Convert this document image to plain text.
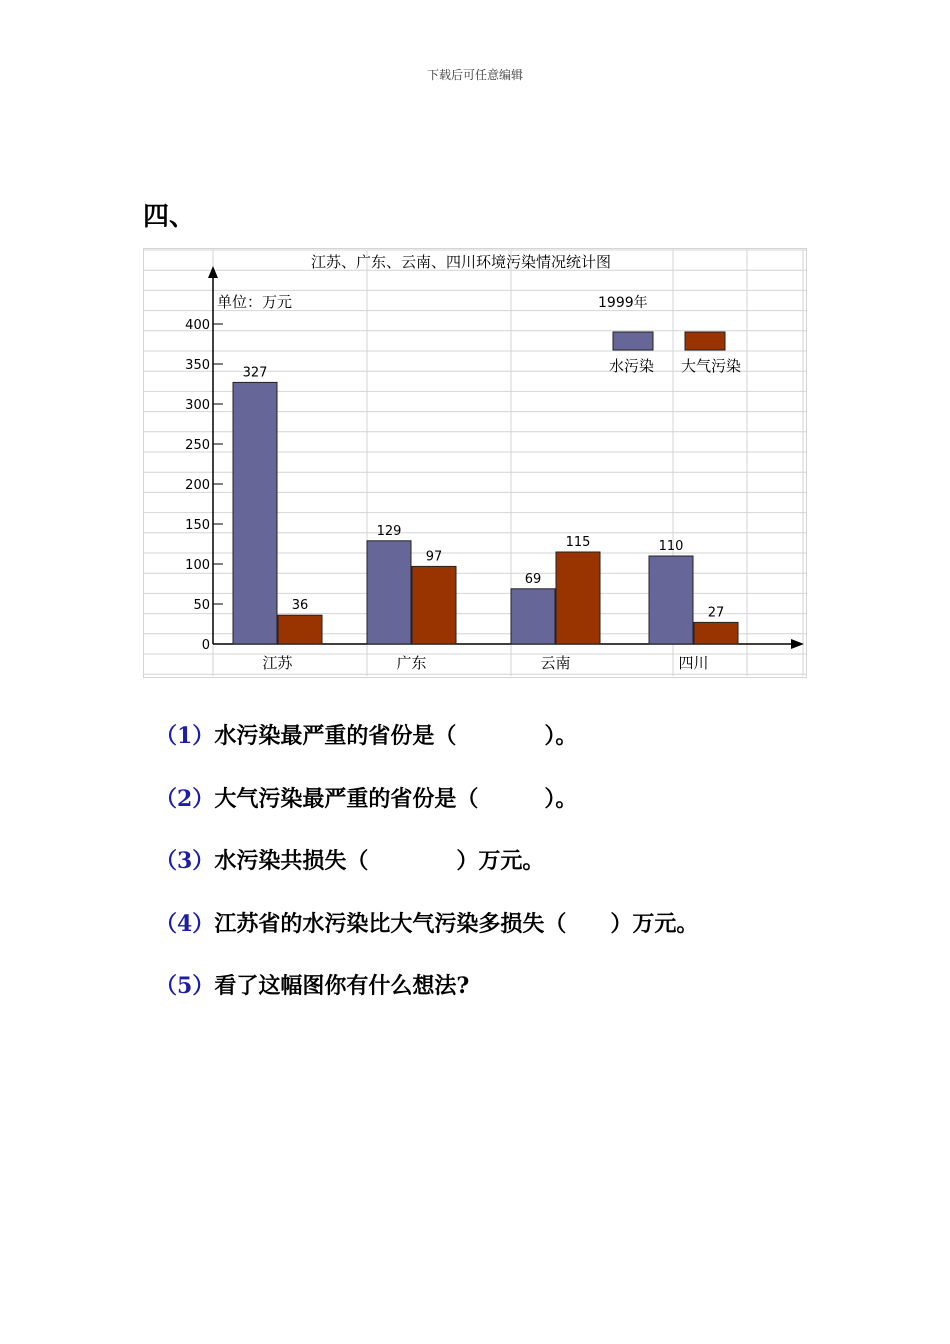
下载后可任意编辑
四、
江苏、广东、云南、四川环境污染情况统计图
单位：万元	1999年
0
50
100
150
200
250
300
350
400
327
36
江苏
129
97
广东
69
115
云南
110
27
四川
水污染 大气污染
（1）水污染最严重的省份是（　　　　）。
（2）大气污染最严重的省份是（　　　）。
（3）水污染共损失（　　　　）万元。
（4）江苏省的水污染比大气污染多损失（　　）万元。
（5）看了这幅图你有什么想法?
